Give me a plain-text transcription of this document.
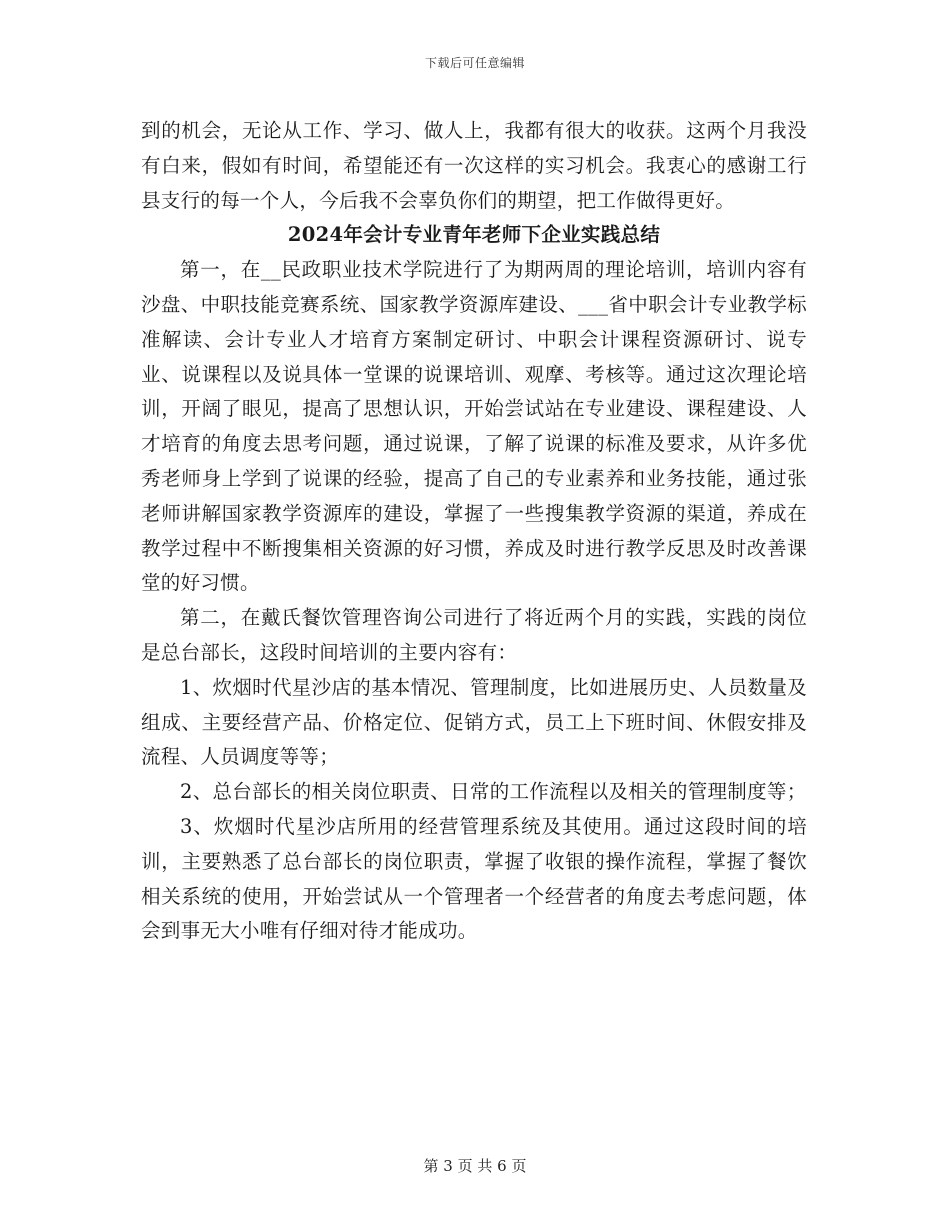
下载后可任意编辑

到的机会，无论从工作、学习、做人上，我都有很大的收获。这两个月我没有白来，假如有时间，希望能还有一次这样的实习机会。我衷心的感谢工行县支行的每一个人，今后我不会辜负你们的期望，把工作做得更好。

2024年会计专业青年老师下企业实践总结

第一，在__民政职业技术学院进行了为期两周的理论培训，培训内容有沙盘、中职技能竞赛系统、国家教学资源库建设、___省中职会计专业教学标准解读、会计专业人才培育方案制定研讨、中职会计课程资源研讨、说专业、说课程以及说具体一堂课的说课培训、观摩、考核等。通过这次理论培训，开阔了眼见，提高了思想认识，开始尝试站在专业建设、课程建设、人才培育的角度去思考问题，通过说课，了解了说课的标准及要求，从许多优秀老师身上学到了说课的经验，提高了自己的专业素养和业务技能，通过张老师讲解国家教学资源库的建设，掌握了一些搜集教学资源的渠道，养成在教学过程中不断搜集相关资源的好习惯，养成及时进行教学反思及时改善课堂的好习惯。

第二，在戴氏餐饮管理咨询公司进行了将近两个月的实践，实践的岗位是总台部长，这段时间培训的主要内容有：

1、炊烟时代星沙店的基本情况、管理制度，比如进展历史、人员数量及组成、主要经营产品、价格定位、促销方式，员工上下班时间、休假安排及流程、人员调度等等；

2、总台部长的相关岗位职责、日常的工作流程以及相关的管理制度等；

3、炊烟时代星沙店所用的经营管理系统及其使用。通过这段时间的培训，主要熟悉了总台部长的岗位职责，掌握了收银的操作流程，掌握了餐饮相关系统的使用，开始尝试从一个管理者一个经营者的角度去考虑问题，体会到事无大小唯有仔细对待才能成功。

第 3 页 共 6 页
